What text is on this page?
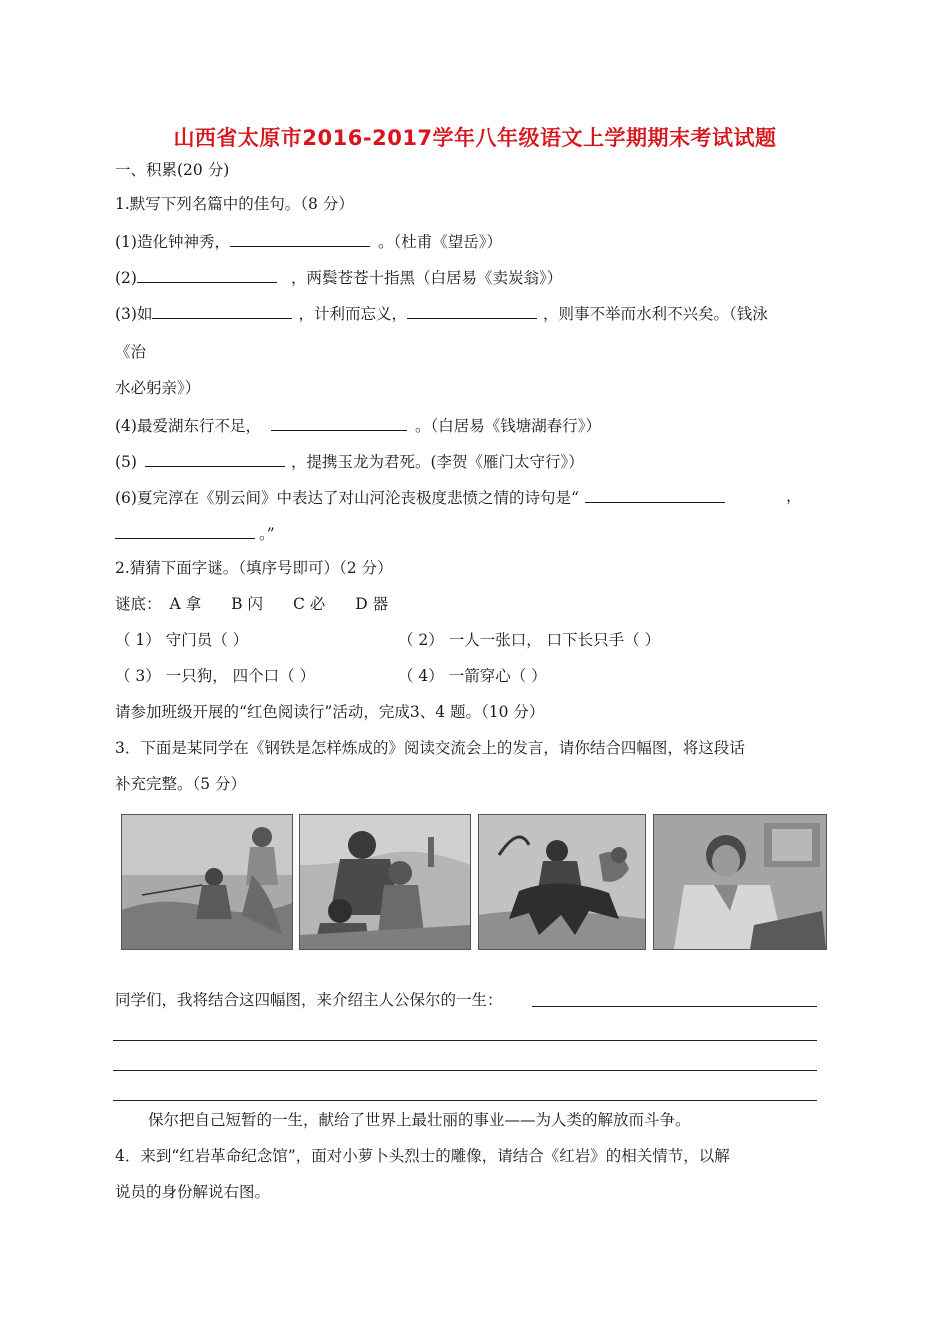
山西省太原市2016-2017学年八年级语文上学期期末考试试题
一、积累(20 分)
1.默写下列名篇中的佳句。（8 分）
(1)造化钟神秀，	。（杜甫《望岳》）
(2)	，两鬓苍苍十指黑（白居易《卖炭翁》）
(3)如	，计利而忘义，	，则事不举而水利不兴矣。（钱泳
《治
水必躬亲》）
(4)最爱湖东行不足，	。（白居易《钱塘湖春行》）
(5)	，提携玉龙为君死。(李贺《雁门太守行》）
(6)夏完淳在《别云间》中表达了对山河沦丧极度悲愤之情的诗句是“	，
。”
2.猜猜下面字谜。（填序号即可）（2 分）
谜底： A 拿 B 闪 C 必 D 器
（ 1） 守门员（ ）	（ 2） 一人一张口， 口下长只手（ ）
（ 3） 一只狗， 四个口（ ）	（ 4） 一箭穿心（ ）
请参加班级开展的“红色阅读行”活动，完成3、4 题。（10 分）
3．下面是某同学在《钢铁是怎样炼成的》阅读交流会上的发言，请你结合四幅图，将这段话
补充完整。（5 分）
同学们，我将结合这四幅图，来介绍主人公保尔的一生：
保尔把自己短暂的一生，献给了世界上最壮丽的事业——为人类的解放而斗争。
4．来到“红岩革命纪念馆”，面对小萝卜头烈士的雕像，请结合《红岩》的相关情节，以解
说员的身份解说右图。
